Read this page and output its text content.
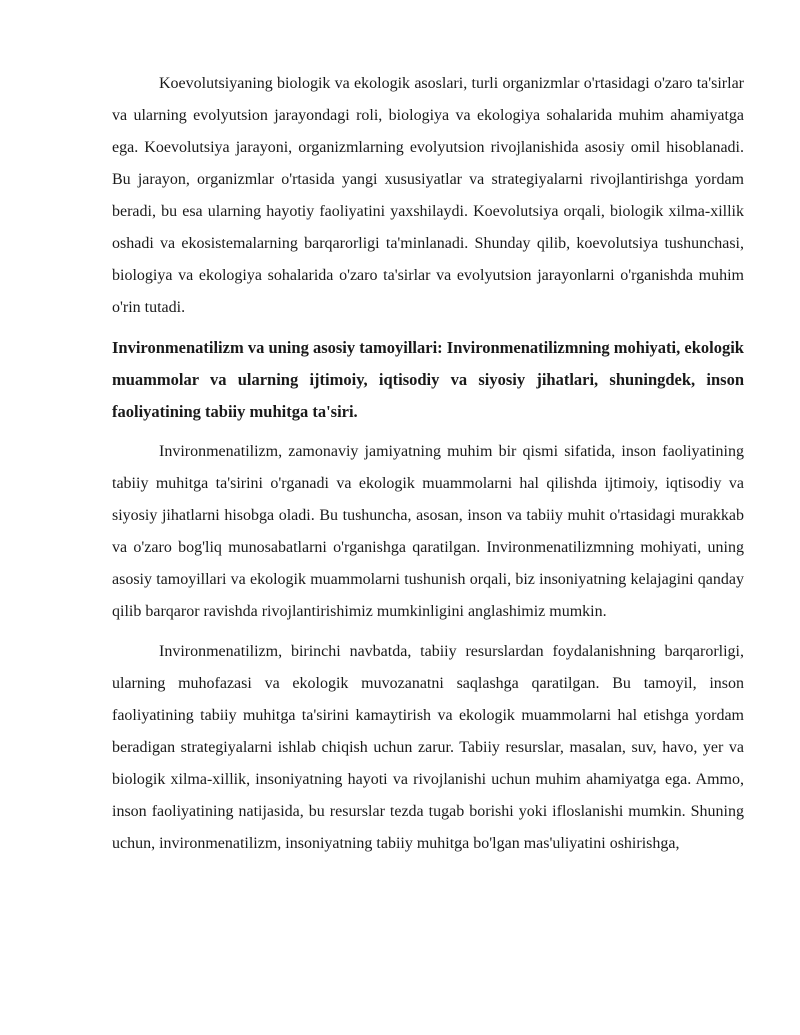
Koevolutsiyaning biologik va ekologik asoslari, turli organizmlar o'rtasidagi o'zaro ta'sirlar va ularning evolyutsion jarayondagi roli, biologiya va ekologiya sohalarida muhim ahamiyatga ega. Koevolutsiya jarayoni, organizmlarning evolyutsion rivojlanishida asosiy omil hisoblanadi. Bu jarayon, organizmlar o'rtasida yangi xususiyatlar va strategiyalarni rivojlantirishga yordam beradi, bu esa ularning hayotiy faoliyatini yaxshilaydi. Koevolutsiya orqali, biologik xilma-xillik oshadi va ekosistemalarning barqarorligi ta'minlanadi. Shunday qilib, koevolutsiya tushunchasi, biologiya va ekologiya sohalarida o'zaro ta'sirlar va evolyutsion jarayonlarni o'rganishda muhim o'rin tutadi.

Invironmenatilizm va uning asosiy tamoyillari: Invironmenatilizmning mohiyati, ekologik muammolar va ularning ijtimoiy, iqtisodiy va siyosiy jihatlari, shuningdek, inson faoliyatining tabiiy muhitga ta'siri.

Invironmenatilizm, zamonaviy jamiyatning muhim bir qismi sifatida, inson faoliyatining tabiiy muhitga ta'sirini o'rganadi va ekologik muammolarni hal qilishda ijtimoiy, iqtisodiy va siyosiy jihatlarni hisobga oladi. Bu tushuncha, asosan, inson va tabiiy muhit o'rtasidagi murakkab va o'zaro bog'liq munosabatlarni o'rganishga qaratilgan. Invironmenatilizmning mohiyati, uning asosiy tamoyillari va ekologik muammolarni tushunish orqali, biz insoniyatning kelajagini qanday qilib barqaror ravishda rivojlantirishimiz mumkinligini anglashimiz mumkin.

Invironmenatilizm, birinchi navbatda, tabiiy resurslardan foydalanishning barqarorligi, ularning muhofazasi va ekologik muvozanatni saqlashga qaratilgan. Bu tamoyil, inson faoliyatining tabiiy muhitga ta'sirini kamaytirish va ekologik muammolarni hal etishga yordam beradigan strategiyalarni ishlab chiqish uchun zarur. Tabiiy resurslar, masalan, suv, havo, yer va biologik xilma-xillik, insoniyatning hayoti va rivojlanishi uchun muhim ahamiyatga ega. Ammo, inson faoliyatining natijasida, bu resurslar tezda tugab borishi yoki ifloslanishi mumkin. Shuning uchun, invironmenatilizm, insoniyatning tabiiy muhitga bo'lgan mas'uliyatini oshirishga,
